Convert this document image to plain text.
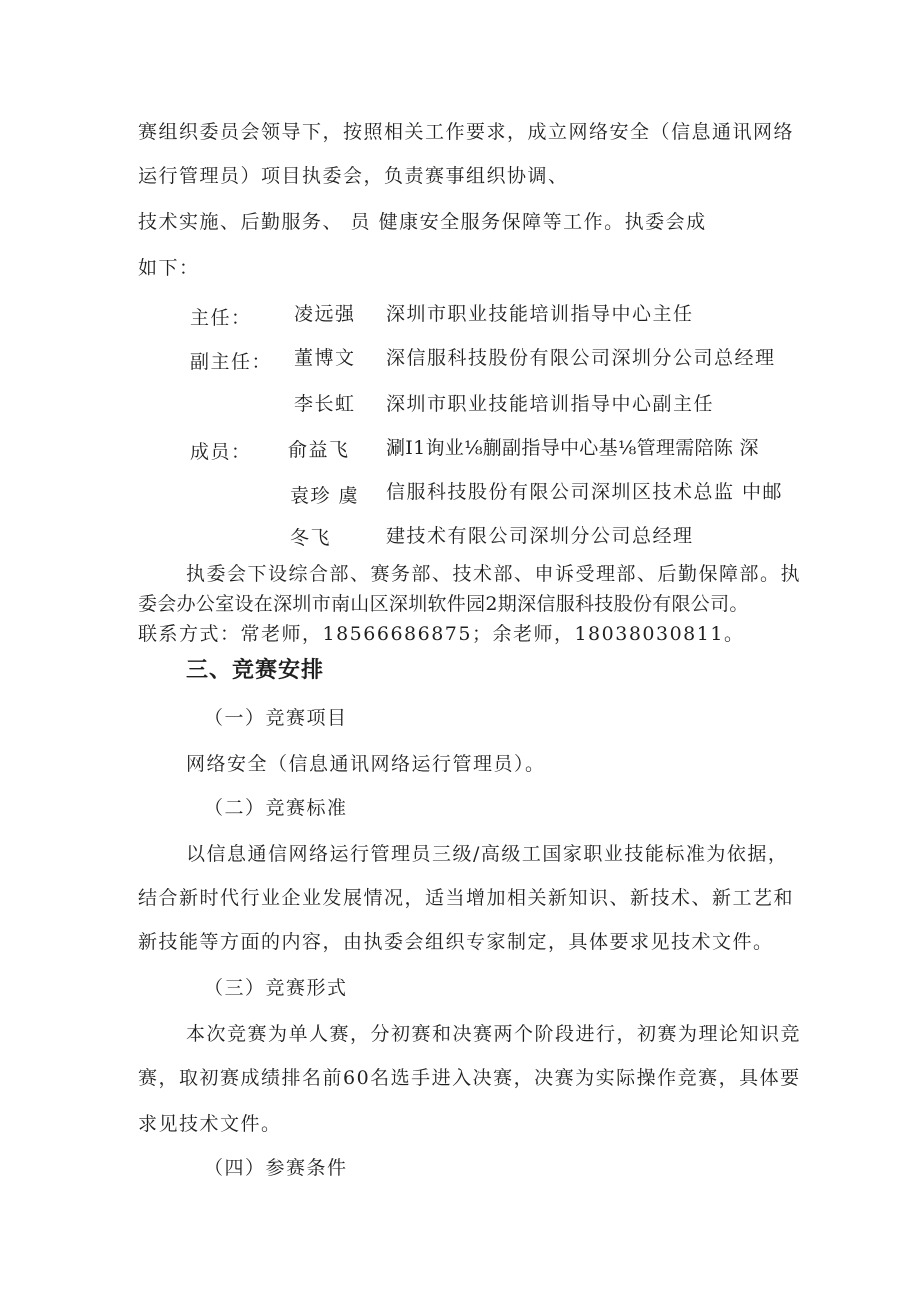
赛组织委员会领导下，按照相关工作要求，成立网络安全（信息通讯网络
运行管理员）项目执委会，负责赛事组织协调、
技术实施、后勤服务、 员 健康安全服务保障等工作。执委会成
如下：
主任： 凌远强 深圳市职业技能培训指导中心主任
副主任： 董博文 深信服科技股份有限公司深圳分公司总经理
李长虹 深圳市职业技能培训指导中心副主任
成员： 俞益飞 涮I1询业⅛蒯副指导中心基⅛管理需陪陈 深
袁珍 虞 信服科技股份有限公司深圳区技术总监 中邮
冬飞	建技术有限公司深圳分公司总经理
执委会下设综合部、赛务部、技术部、申诉受理部、后勤保障部。执
委会办公室设在深圳市南山区深圳软件园2期深信服科技股份有限公司。
联系方式：常老师，18566686875；余老师，18038030811。
三、竞赛安排
（一）竞赛项目
网络安全（信息通讯网络运行管理员）。
（二）竞赛标准
以信息通信网络运行管理员三级/高级工国家职业技能标准为依据，
结合新时代行业企业发展情况，适当增加相关新知识、新技术、新工艺和
新技能等方面的内容，由执委会组织专家制定，具体要求见技术文件。
（三）竞赛形式
本次竞赛为单人赛，分初赛和决赛两个阶段进行，初赛为理论知识竞
赛，取初赛成绩排名前60名选手进入决赛，决赛为实际操作竞赛，具体要
求见技术文件。
（四）参赛条件
